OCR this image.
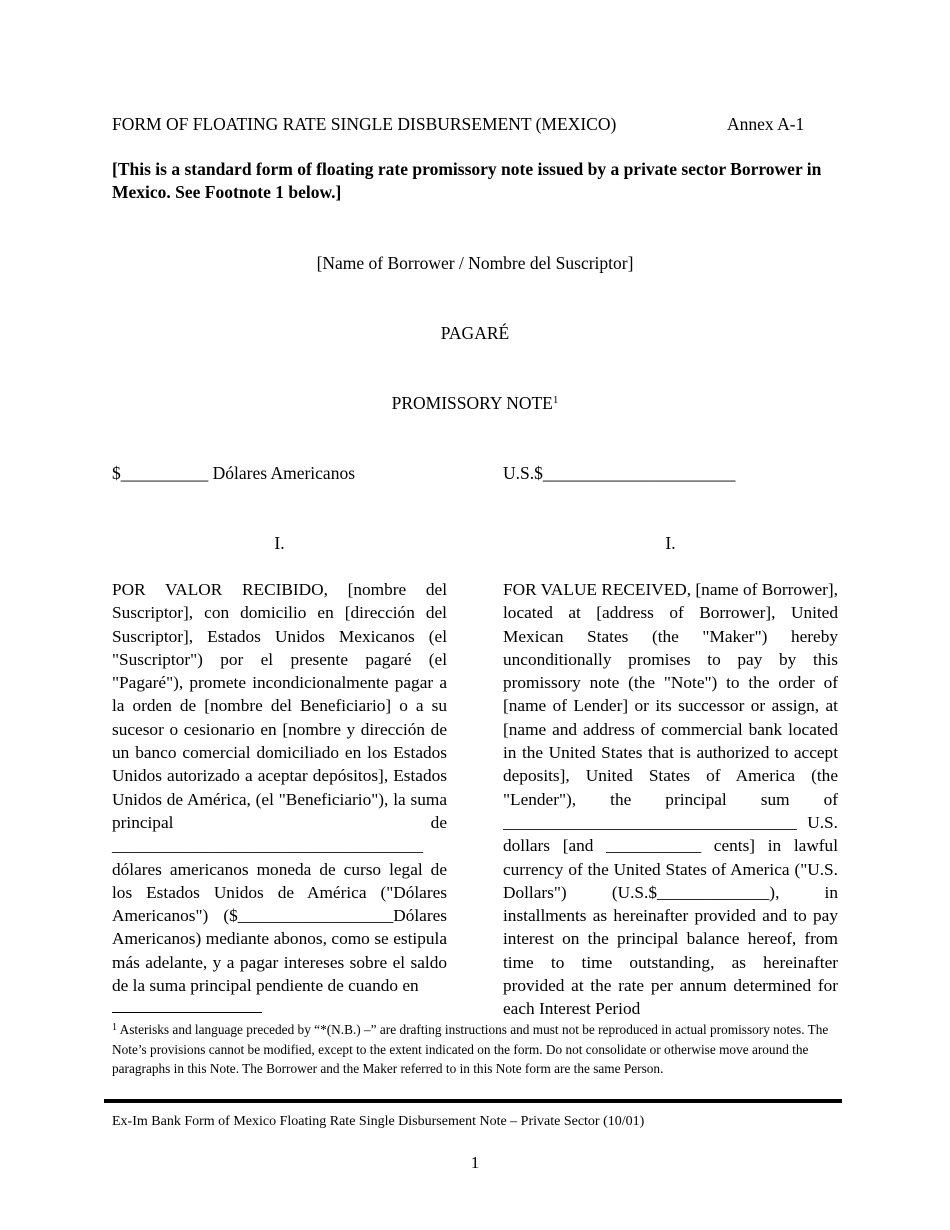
FORM OF FLOATING RATE SINGLE DISBURSEMENT (MEXICO)	Annex A-1
[This is a standard form of floating rate promissory note issued by a private sector Borrower in Mexico. See Footnote 1 below.]
[Name of Borrower / Nombre del Suscriptor]
PAGARÉ
PROMISSORY NOTE$^1$
$__________ Dólares Americanos	U.S.$______________________
I.	I.
POR VALOR RECIBIDO, [nombre del Suscriptor], con domicilio en [dirección del Suscriptor], Estados Unidos Mexicanos (el "Suscriptor") por el presente pagaré (el "Pagaré"), promete incondicionalmente pagar a la orden de [nombre del Beneficiario] o a su sucesor o cesionario en [nombre y dirección de un banco comercial domiciliado en los Estados Unidos autorizado a aceptar depósitos], Estados Unidos de América, (el "Beneficiario"), la suma principal de ____________________________________ dólares americanos moneda de curso legal de los Estados Unidos de América ("Dólares Americanos") ($__________________Dólares Americanos) mediante abonos, como se estipula más adelante, y a pagar intereses sobre el saldo de la suma principal pendiente de cuando en
FOR VALUE RECEIVED, [name of Borrower], located at [address of Borrower], United Mexican States (the "Maker") hereby unconditionally promises to pay by this promissory note (the "Note") to the order of [name of Lender] or its successor or assign, at [name and address of commercial bank located in the United States that is authorized to accept deposits], United States of America (the "Lender"), the principal sum of __________________________________ U.S. dollars [and ___________ cents] in lawful currency of the United States of America ("U.S. Dollars") (U.S.$_____________), in installments as hereinafter provided and to pay interest on the principal balance hereof, from time to time outstanding, as hereinafter provided at the rate per annum determined for each Interest Period
$^1$ Asterisks and language preceded by “*(N.B.) –” are drafting instructions and must not be reproduced in actual promissory notes. The Note’s provisions cannot be modified, except to the extent indicated on the form. Do not consolidate or otherwise move around the paragraphs in this Note. The Borrower and the Maker referred to in this Note form are the same Person.
Ex-Im Bank Form of Mexico Floating Rate Single Disbursement Note – Private Sector (10/01)
1
